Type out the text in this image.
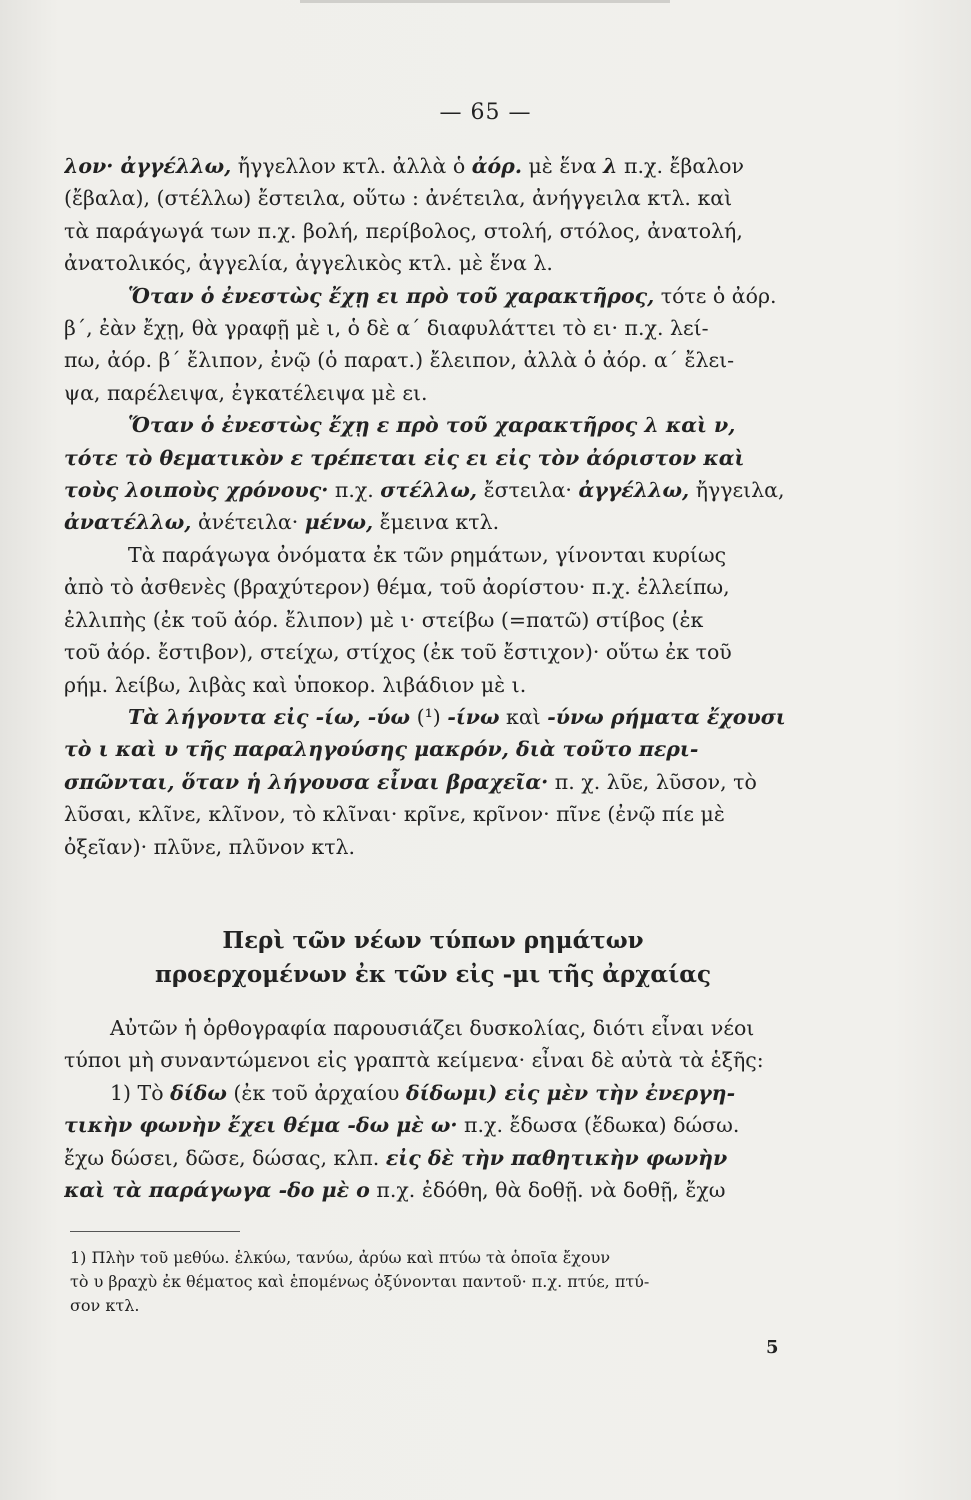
— 65 —
λον· ἀγγέλλω, ἤγγελλον κτλ. ἀλλὰ ὁ ἀόρ. μὲ ἕνα λ π.χ. ἔβαλον
(ἔβαλα), (στέλλω) ἔστειλα, οὕτω : ἀνέτειλα, ἀνήγγειλα κτλ. καὶ
τὰ παράγωγά των π.χ. βολή, περίβολος, στολή, στόλος, ἀνατολή,
ἀνατολικός, ἀγγελία, ἀγγελικὸς κτλ. μὲ ἕνα λ.
Ὅταν ὁ ἐνεστὼς ἔχῃ ει πρὸ τοῦ χαρακτῆρος, τότε ὁ ἀόρ.
β΄, ἐὰν ἔχῃ, θὰ γραφῇ μὲ ι, ὁ δὲ α΄ διαφυλάττει τὸ ει· π.χ. λεί-
πω, ἀόρ. β΄ ἔλιπον, ἐνῷ (ὁ παρατ.) ἔλειπον, ἀλλὰ ὁ ἀόρ. α΄ ἔλει-
ψα, παρέλειψα, ἐγκατέλειψα μὲ ει.
Ὅταν ὁ ἐνεστὼς ἔχῃ ε πρὸ τοῦ χαρακτῆρος λ καὶ ν,
τότε τὸ θεματικὸν ε τρέπεται εἰς ει εἰς τὸν ἀόριστον καὶ
τοὺς λοιποὺς χρόνους· π.χ. στέλλω, ἔστειλα· ἀγγέλλω, ἤγγειλα,
ἀνατέλλω, ἀνέτειλα· μένω, ἔμεινα κτλ.
Τὰ παράγωγα ὀνόματα ἐκ τῶν ρημάτων, γίνονται κυρίως
ἀπὸ τὸ ἀσθενὲς (βραχύτερον) θέμα, τοῦ ἀορίστου· π.χ. ἐλλείπω,
ἐλλιπὴς (ἐκ τοῦ ἀόρ. ἔλιπον) μὲ ι· στείβω (=πατῶ) στίβος (ἐκ
τοῦ ἀόρ. ἔστιβον), στείχω, στίχος (ἐκ τοῦ ἔστιχον)· οὕτω ἐκ τοῦ
ρήμ. λείβω, λιβὰς καὶ ὑποκορ. λιβάδιον μὲ ι.
Τὰ λήγοντα εἰς -ίω, -ύω (¹) -ίνω καὶ -ύνω ρήματα ἔχουσι
τὸ ι καὶ υ τῆς παραληγούσης μακρόν, διὰ τοῦτο περι-
σπῶνται, ὅταν ἡ λήγουσα εἶναι βραχεῖα· π. χ. λῦε, λῦσον, τὸ
λῦσαι, κλῖνε, κλῖνον, τὸ κλῖναι· κρῖνε, κρῖνον· πῖνε (ἐνῷ πίε μὲ
ὀξεῖαν)· πλῦνε, πλῦνον κτλ.
Περὶ τῶν νέων τύπων ρημάτων
προερχομένων ἐκ τῶν εἰς -μι τῆς ἀρχαίας
Αὐτῶν ἡ ὀρθογραφία παρουσιάζει δυσκολίας, διότι εἶναι νέοι
τύποι μὴ συναντώμενοι εἰς γραπτὰ κείμενα· εἶναι δὲ αὐτὰ τὰ ἑξῆς:
1) Τὸ δίδω (ἐκ τοῦ ἀρχαίου δίδωμι) εἰς μὲν τὴν ἐνεργη-
τικὴν φωνὴν ἔχει θέμα -δω μὲ ω· π.χ. ἔδωσα (ἔδωκα) δώσω.
ἔχω δώσει, δῶσε, δώσας, κλπ. εἰς δὲ τὴν παθητικὴν φωνὴν
καὶ τὰ παράγωγα -δο μὲ ο π.χ. ἐδόθη, θὰ δοθῇ. νὰ δοθῇ, ἔχω
1) Πλὴν τοῦ μεθύω. ἑλκύω, τανύω, ἀρύω καὶ πτύω τὰ ὁποῖα ἔχουν
τὸ υ βραχὺ ἐκ θέματος καὶ ἑπομένως ὀξύνονται παντοῦ· π.χ. πτύε, πτύ-
σον κτλ.
5
